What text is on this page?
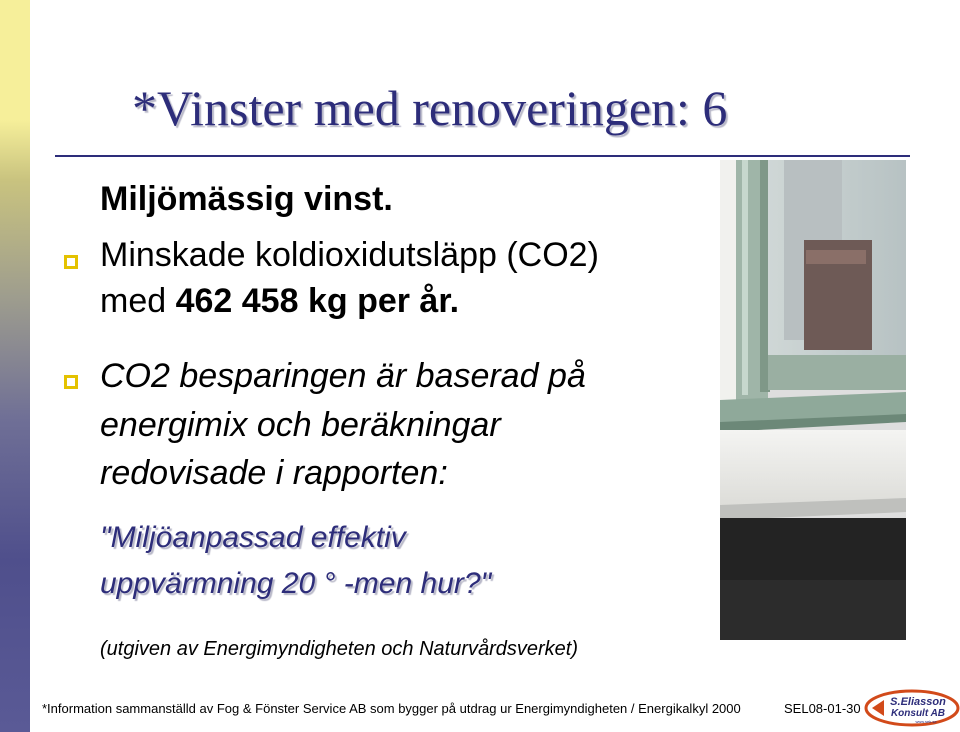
*Vinster med renoveringen: 6
Miljömässig vinst.
Minskade koldioxidutsläpp (CO2)
med 462 458 kg per år.
CO2 besparingen är baserad på
energimix och beräkningar
redovisade i rapporten:
"Miljöanpassad effektiv
uppvärmning 20 ° -men hur?"
(utgiven av Energimyndigheten och Naturvårdsverket)
*Information sammanställd av Fog & Fönster Service AB som bygger på utdrag ur Energimyndigheten / Energikalkyl 2000	SEL08-01-30	S.Eliasson
Konsult AB
www.sek.se
